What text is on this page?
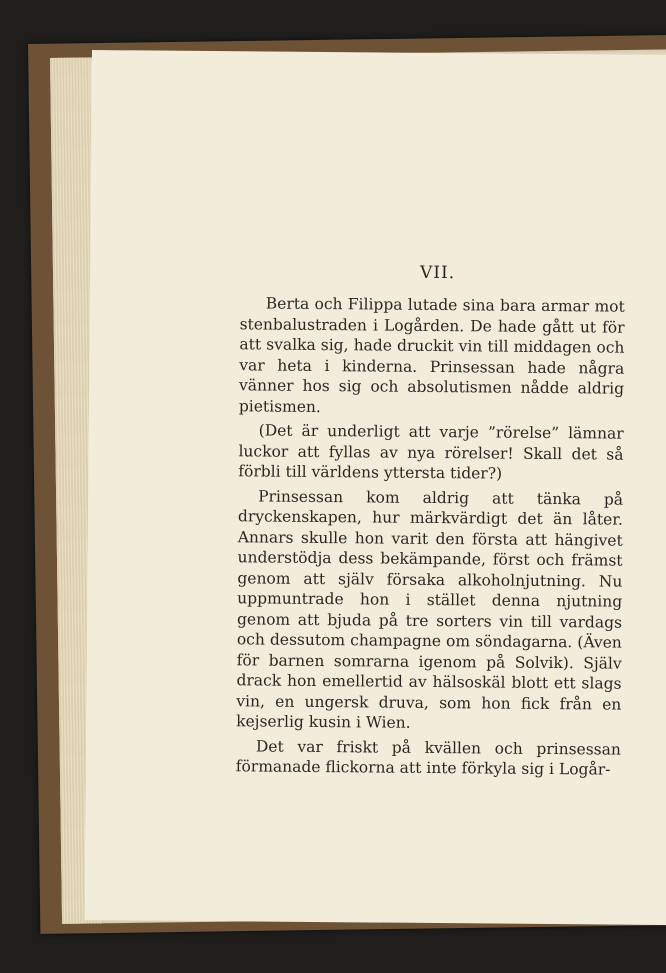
VII.

Berta och Filippa lutade sina bara armar mot stenbalustraden i Logården. De hade gått ut för att svalka sig, hade druckit vin till middagen och var heta i kinderna. Prinsessan hade några vänner hos sig och absolutismen nådde aldrig pietismen.

(Det är underligt att varje ”rörelse” lämnar luckor att fyllas av nya rörelser! Skall det så förbli till världens yttersta tider?)

Prinsessan kom aldrig att tänka på dryckenskapen, hur märkvärdigt det än låter. Annars skulle hon varit den första att hängivet understödja dess bekämpande, först och främst genom att själv försaka alkoholnjutning. Nu uppmuntrade hon i stället denna njutning genom att bjuda på tre sorters vin till vardags och dessutom champagne om söndagarna. (Även för barnen somrarna igenom på Solvik). Själv drack hon emellertid av hälsoskäl blott ett slags vin, en ungersk druva, som hon fick från en kejserlig kusin i Wien.

Det var friskt på kvällen och prinsessan förmanade flickorna att inte förkyla sig i Logår-
